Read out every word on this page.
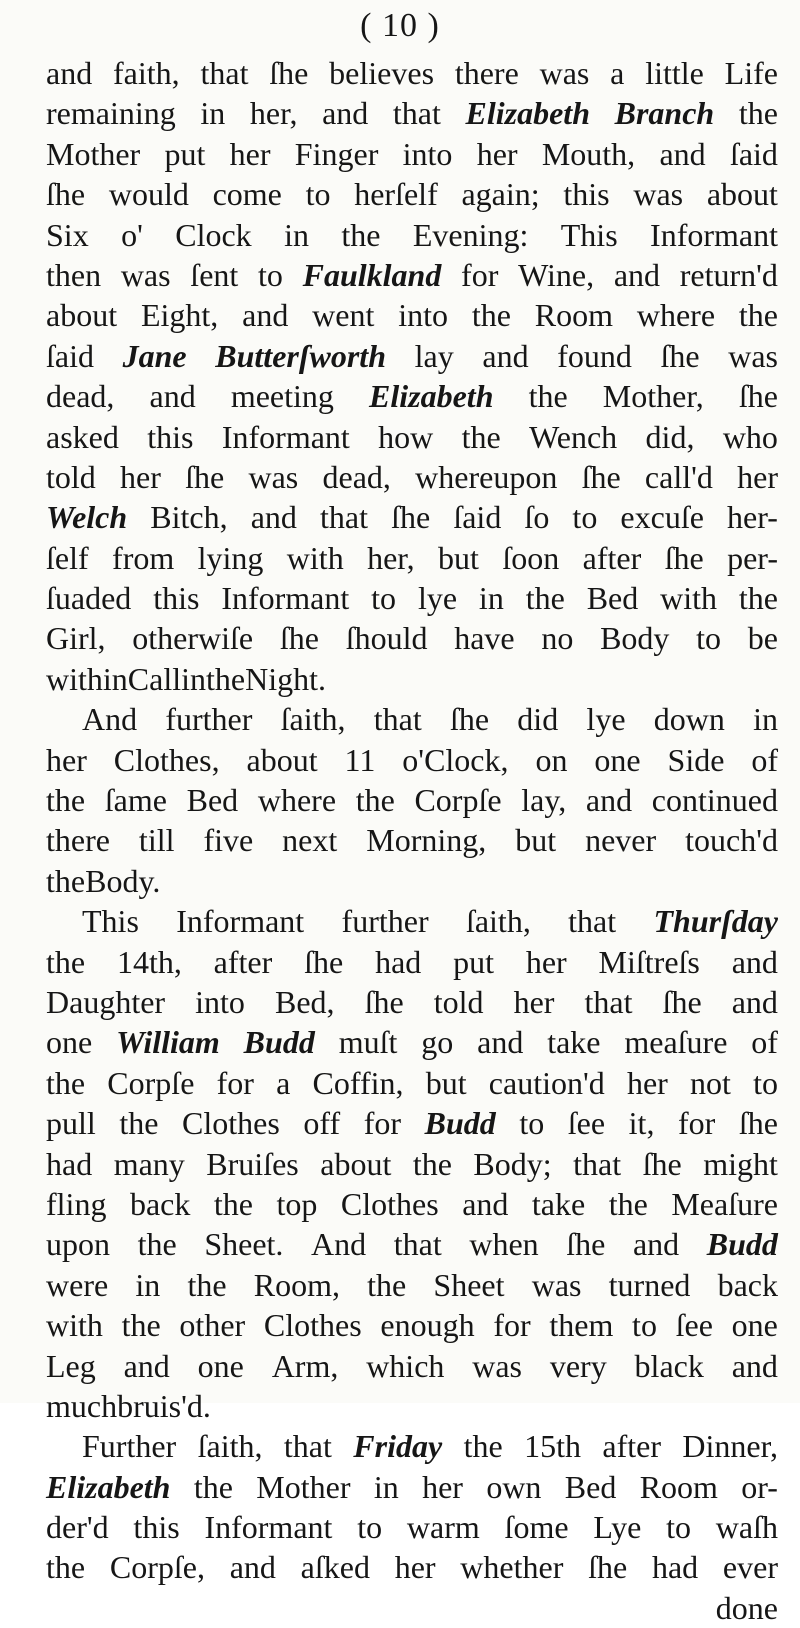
( 10 )
and faith, that ſhe believes there was a little Life
remaining in her, and that Elizabeth Branch the
Mother put her Finger into her Mouth, and ſaid
ſhe would come to herſelf again; this was about
Six o' Clock in the Evening: This Informant
then was ſent to Faulkland for Wine, and return'd
about Eight, and went into the Room where the
ſaid Jane Butterſworth lay and found ſhe was
dead, and meeting Elizabeth the Mother, ſhe
asked this Informant how the Wench did, who
told her ſhe was dead, whereupon ſhe call'd her
Welch Bitch, and that ſhe ſaid ſo to excuſe her-
ſelf from lying with her, but ſoon after ſhe per-
ſuaded this Informant to lye in the Bed with the
Girl, otherwiſe ſhe ſhould have no Body to be
within Call in the Night.
And further ſaith, that ſhe did lye down in
her Clothes, about 11 o'Clock, on one Side of
the ſame Bed where the Corpſe lay, and continued
there till five next Morning, but never touch'd
the Body.
This Informant further ſaith, that Thurſday
the 14th, after ſhe had put her Miſtreſs and
Daughter into Bed, ſhe told her that ſhe and
one William Budd muſt go and take meaſure of
the Corpſe for a Coffin, but caution'd her not to
pull the Clothes off for Budd to ſee it, for ſhe
had many Bruiſes about the Body; that ſhe might
fling back the top Clothes and take the Meaſure
upon the Sheet. And that when ſhe and Budd
were in the Room, the Sheet was turned back
with the other Clothes enough for them to ſee one
Leg and one Arm, which was very black and
much bruis'd.
Further ſaith, that Friday the 15th after Dinner,
Elizabeth the Mother in her own Bed Room or-
der'd this Informant to warm ſome Lye to waſh
the Corpſe, and aſked her whether ſhe had ever
done
